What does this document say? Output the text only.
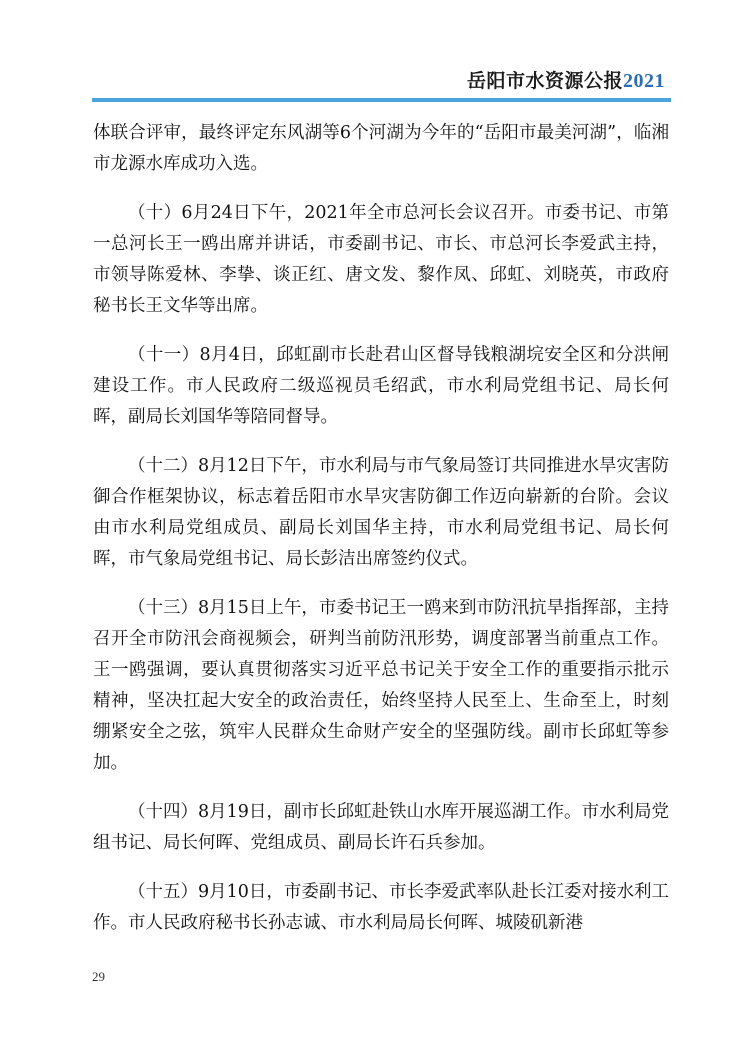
岳阳市水资源公报2021

体联合评审，最终评定东风湖等6个河湖为今年的“岳阳市最美河湖”，临湘市龙源水库成功入选。

（十）6月24日下午，2021年全市总河长会议召开。市委书记、市第一总河长王一鸥出席并讲话，市委副书记、市长、市总河长李爱武主持，市领导陈爱林、李挚、谈正红、唐文发、黎作凤、邱虹、刘晓英，市政府秘书长王文华等出席。

（十一）8月4日，邱虹副市长赴君山区督导钱粮湖垸安全区和分洪闸建设工作。市人民政府二级巡视员毛绍武，市水利局党组书记、局长何晖，副局长刘国华等陪同督导。

（十二）8月12日下午，市水利局与市气象局签订共同推进水旱灾害防御合作框架协议，标志着岳阳市水旱灾害防御工作迈向崭新的台阶。会议由市水利局党组成员、副局长刘国华主持，市水利局党组书记、局长何晖，市气象局党组书记、局长彭洁出席签约仪式。

（十三）8月15日上午，市委书记王一鸥来到市防汛抗旱指挥部，主持召开全市防汛会商视频会，研判当前防汛形势，调度部署当前重点工作。王一鸥强调，要认真贯彻落实习近平总书记关于安全工作的重要指示批示精神，坚决扛起大安全的政治责任，始终坚持人民至上、生命至上，时刻绷紧安全之弦，筑牢人民群众生命财产安全的坚强防线。副市长邱虹等参加。

（十四）8月19日，副市长邱虹赴铁山水库开展巡湖工作。市水利局党组书记、局长何晖、党组成员、副局长许石兵参加。

（十五）9月10日，市委副书记、市长李爱武率队赴长江委对接水利工作。市人民政府秘书长孙志诚、市水利局局长何晖、城陵矶新港

29
